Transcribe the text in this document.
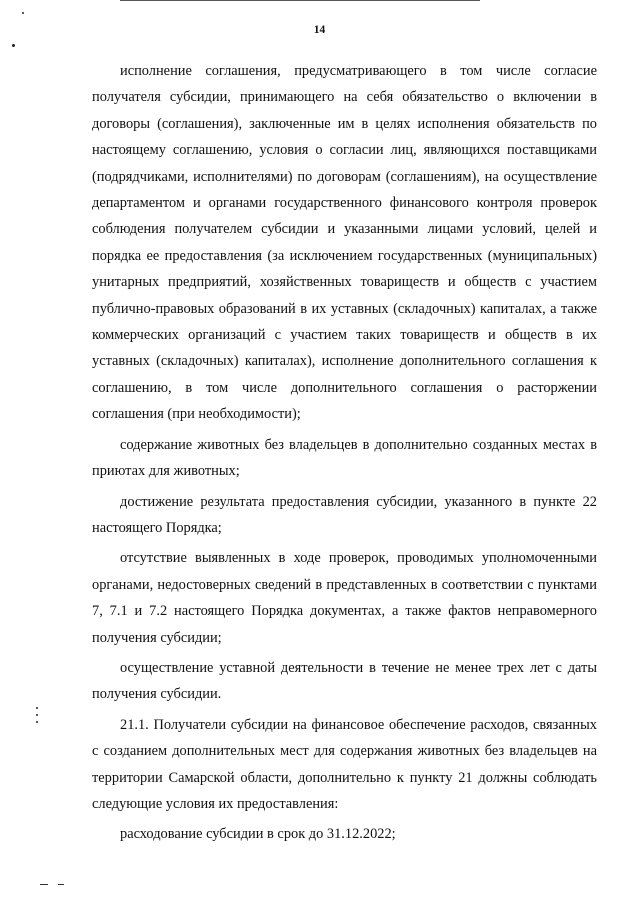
14

исполнение соглашения, предусматривающего в том числе согласие получателя субсидии, принимающего на себя обязательство о включении в договоры (соглашения), заключенные им в целях исполнения обязательств по настоящему соглашению, условия о согласии лиц, являющихся поставщиками (подрядчиками, исполнителями) по договорам (соглашениям), на осуществление департаментом и органами государственного финансового контроля проверок соблюдения получателем субсидии и указанными лицами условий, целей и порядка ее предоставления (за исключением государственных (муниципальных) унитарных предприятий, хозяйственных товариществ и обществ с участием публично-правовых образований в их уставных (складочных) капиталах, а также коммерческих организаций с участием таких товариществ и обществ в их уставных (складочных) капиталах), исполнение дополнительного соглашения к соглашению, в том числе дополнительного соглашения о расторжении соглашения (при необходимости);

содержание животных без владельцев в дополнительно созданных местах в приютах для животных;

достижение результата предоставления субсидии, указанного в пункте 22 настоящего Порядка;

отсутствие выявленных в ходе проверок, проводимых уполномоченными органами, недостоверных сведений в представленных в соответствии с пунктами 7, 7.1 и 7.2 настоящего Порядка документах, а также фактов неправомерного получения субсидии;

осуществление уставной деятельности в течение не менее трех лет с даты получения субсидии.

21.1. Получатели субсидии на финансовое обеспечение расходов, связанных с созданием дополнительных мест для содержания животных без владельцев на территории Самарской области, дополнительно к пункту 21 должны соблюдать следующие условия их предоставления:

расходование субсидии в срок до 31.12.2022;
